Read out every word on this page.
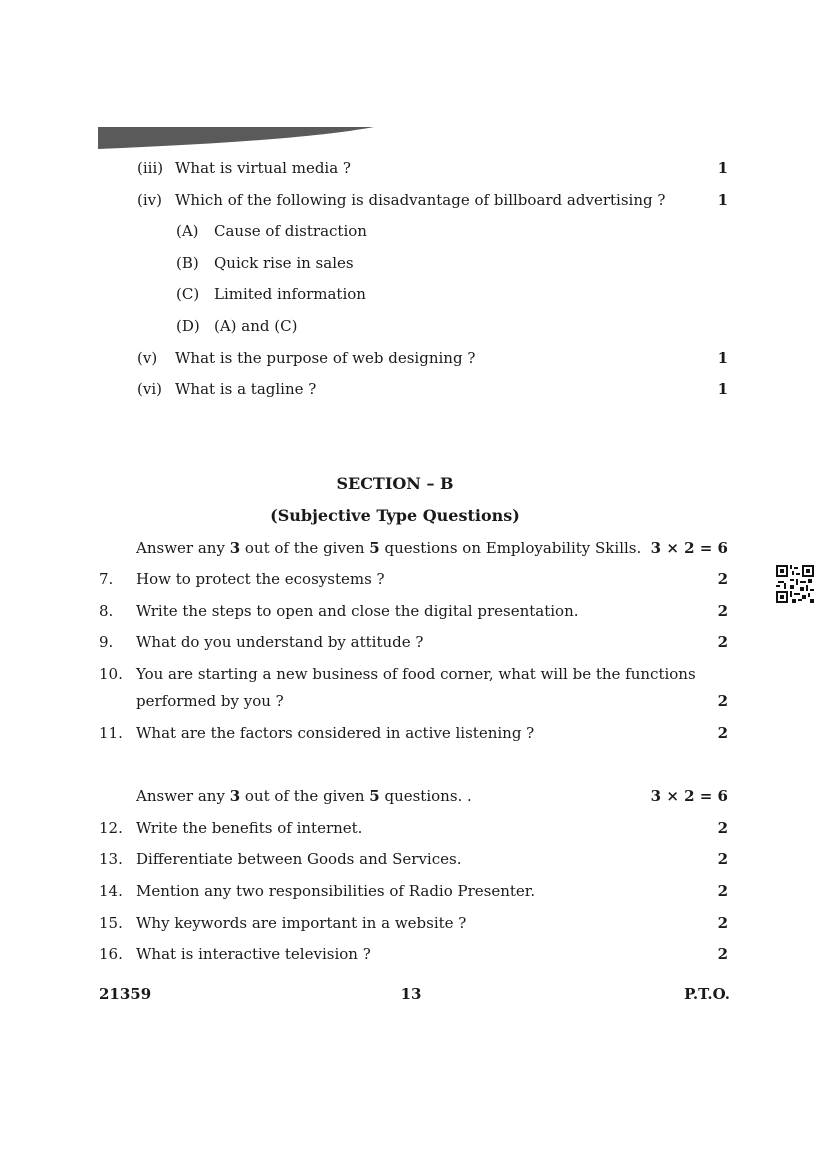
(iii) What is virtual media ?	1
(iv) Which of the following is disadvantage of billboard advertising ?	1
(A) Cause of distraction
(B) Quick rise in sales
(C) Limited information
(D) (A) and (C)
(v) What is the purpose of web designing ?	1
(vi) What is a tagline ?	1
SECTION – B
(Subjective Type Questions)
Answer any 3 out of the given 5 questions on Employability Skills. 3 × 2 = 6
7. How to protect the ecosystems ?	2
8. Write the steps to open and close the digital presentation.	2
9. What do you understand by attitude ?	2
10. You are starting a new business of food corner, what will be the functions
performed by you ?	2
11. What are the factors considered in active listening ?	2
Answer any 3 out of the given 5 questions. .	3 × 2 = 6
12. Write the benefits of internet.	2
13. Differentiate between Goods and Services.	2
14. Mention any two responsibilities of Radio Presenter.	2
15. Why keywords are important in a website ?	2
16. What is interactive television ?	2
21359	13	P.T.O.
